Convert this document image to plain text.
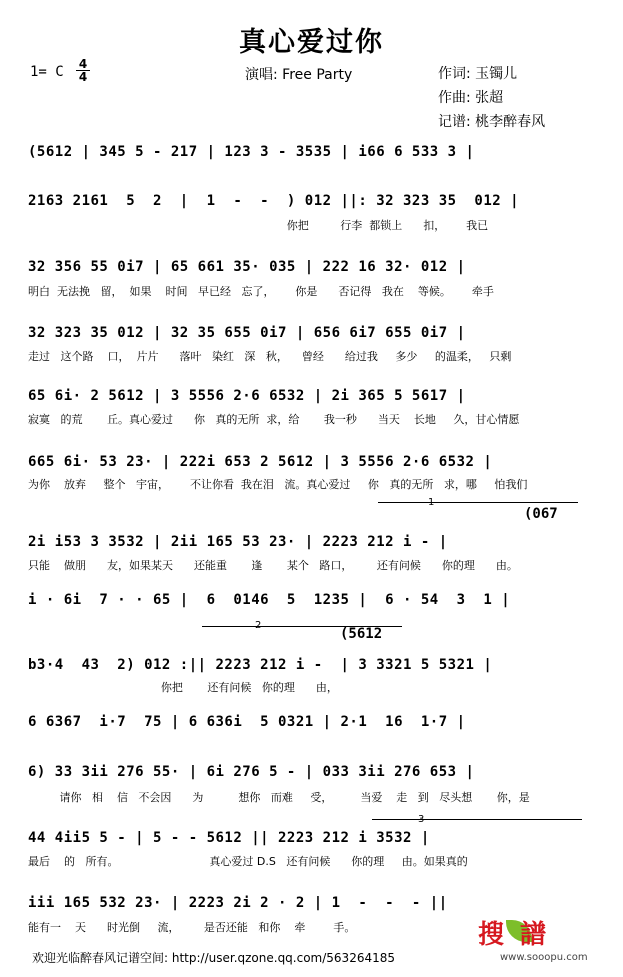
真心爱过你
1= C 4
4	演唱: Free Party	作词: 玉镯儿
作曲: 张超
记谱: 桃李醉春风
(5612 | 345 5 - 217 | 123 3 - 3535 | i66 6 533 3 |
2163 2161  5  2  |  1  -  -  ) 012 ||: 32 323 35  012 |
你把         行李  都锁上      扣，      我已
32 356 55 0i7 | 65 661 35· 035 | 222 16 32· 012 |
明白  无法挽   留，  如果    时间   早已经   忘了，      你是      否记得   我在    等候。      牵手
32 323 35 012 | 32 35 655 0i7 | 656 6i7 655 0i7 |
走过   这个路    口，  片片      落叶   染红   深   秋，    曾经      给过我     多少     的温柔，   只剩
65 6i· 2 5612 | 3 5556 2·6 6532 | 2i 365 5 5617 |
寂寞   的荒       丘。真心爱过      你   真的无所  求，给       我一秒      当天    长地     久，甘心情愿
665 6i· 53 23· | 222i 653 2 5612 | 3 5556 2·6 6532 |
为你    放弃     整个   宇宙，      不让你看  我在泪   流。真心爱过     你   真的无所   求，哪     怕我们
1
(067
2i i53 3 3532 | 2ii 165 53 23· | 2223 212 i - |
只能    做朋      友，如果某天      还能重       逢       某个   路口，       还有问候      你的理      由。
i · 6i  7 · · 65 |  6  0146  5  1235 |  6 · 54  3  1 |
2
(5612
b3·4  43  2) 012 :|| 2223 212 i -  | 3 3321 5 5321 |
你把       还有问候   你的理      由，
6 6367  i·7  75 | 6 636i  5 0321 | 2·1  16  1·7 |
6) 33 3ii 276 55· | 6i 276 5 - | 033 3ii 276 653 |
请你   相    信   不会因      为          想你   而难     受，        当爱    走   到   尽头想       你，是
3
44 4ii5 5 - | 5 - - 5612 || 2223 212 i 3532 |
最后    的   所有。                          真心爱过 D.S   还有问候      你的理     由。如果真的
iii 165 532 23· | 2223 2i 2 · 2 | 1  -  -  - ||
能有一    天      时光倒     流，       是否还能   和你    牵        手。	搜譜
www.sooopu.com
欢迎光临醉春风记谱空间: http://user.qzone.qq.com/563264185
